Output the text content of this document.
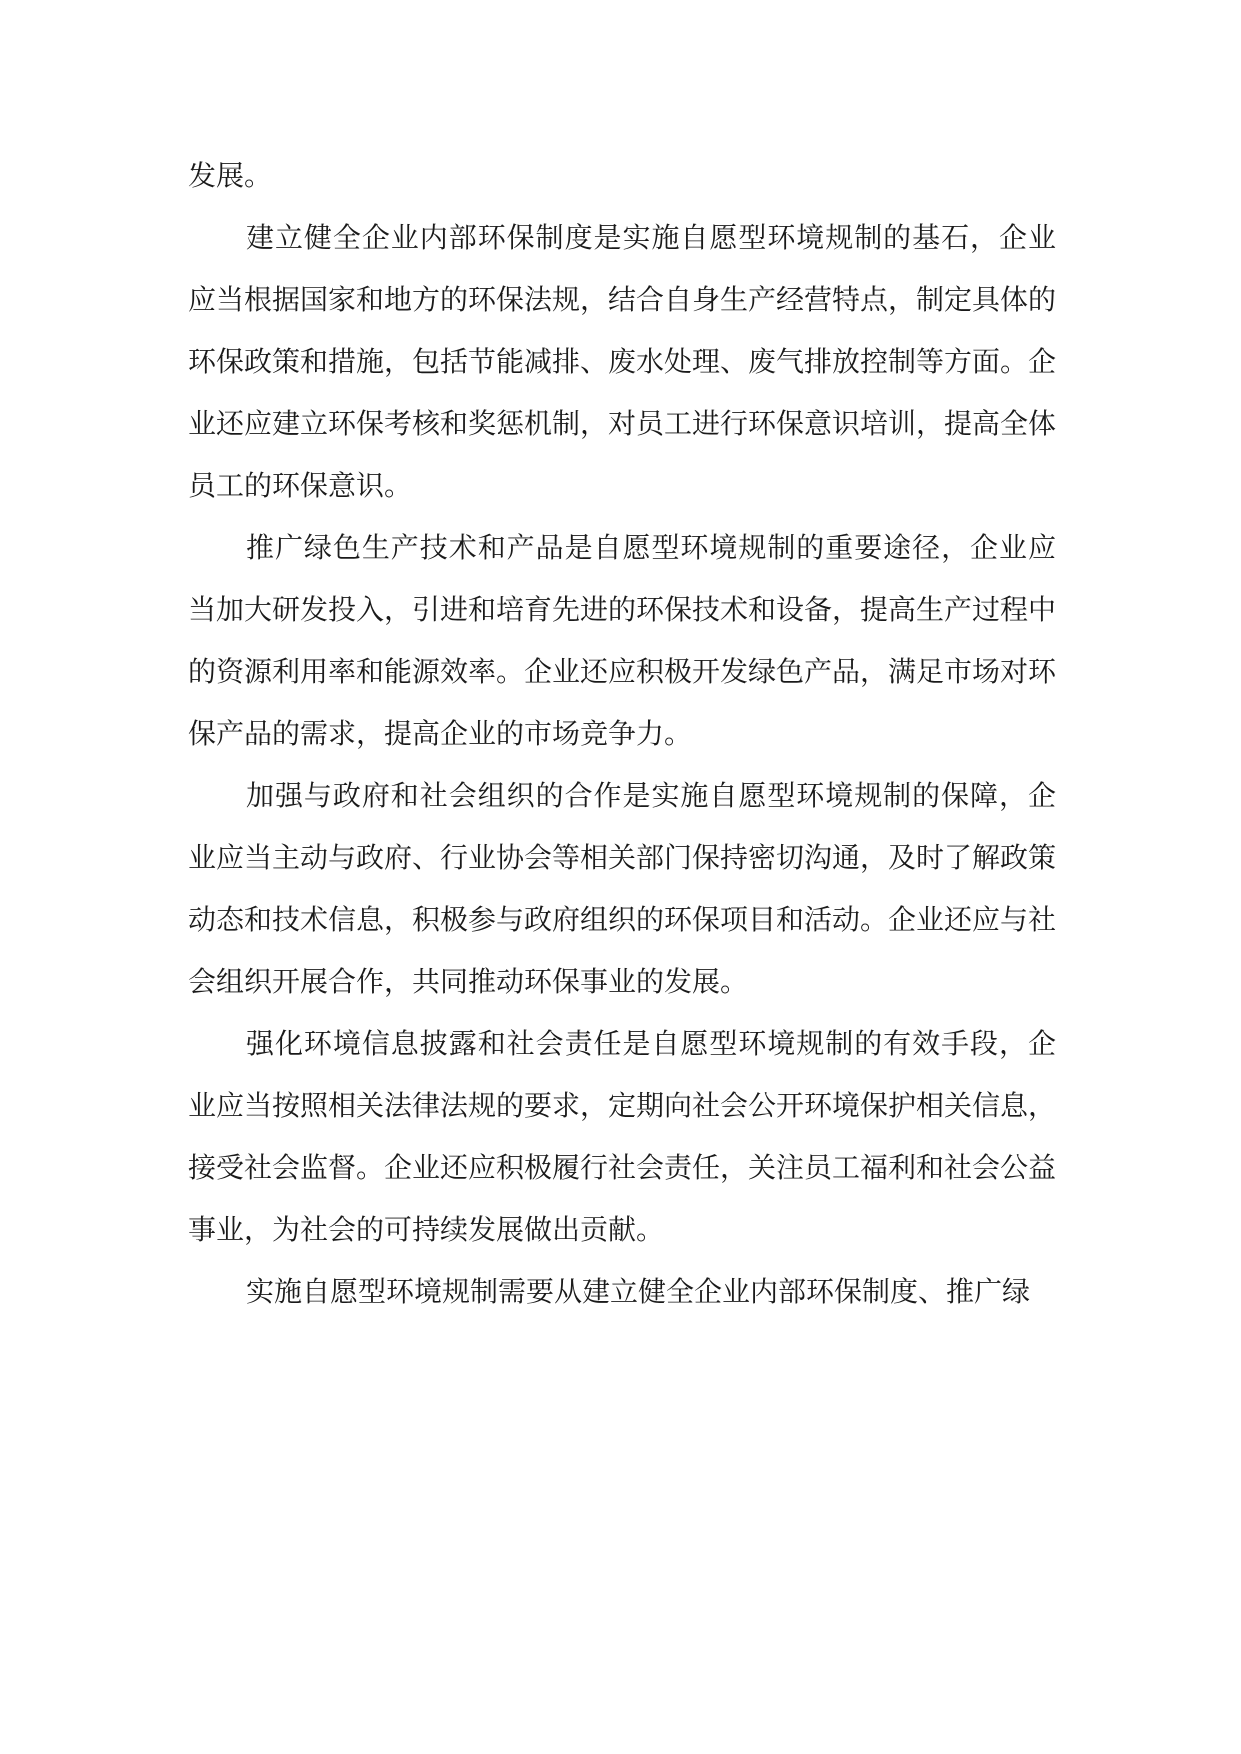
发展。

建立健全企业内部环保制度是实施自愿型环境规制的基石，企业应当根据国家和地方的环保法规，结合自身生产经营特点，制定具体的环保政策和措施，包括节能减排、废水处理、废气排放控制等方面。企业还应建立环保考核和奖惩机制，对员工进行环保意识培训，提高全体员工的环保意识。

推广绿色生产技术和产品是自愿型环境规制的重要途径，企业应当加大研发投入，引进和培育先进的环保技术和设备，提高生产过程中的资源利用率和能源效率。企业还应积极开发绿色产品，满足市场对环保产品的需求，提高企业的市场竞争力。

加强与政府和社会组织的合作是实施自愿型环境规制的保障，企业应当主动与政府、行业协会等相关部门保持密切沟通，及时了解政策动态和技术信息，积极参与政府组织的环保项目和活动。企业还应与社会组织开展合作，共同推动环保事业的发展。

强化环境信息披露和社会责任是自愿型环境规制的有效手段，企业应当按照相关法律法规的要求，定期向社会公开环境保护相关信息，接受社会监督。企业还应积极履行社会责任，关注员工福利和社会公益事业，为社会的可持续发展做出贡献。

实施自愿型环境规制需要从建立健全企业内部环保制度、推广绿
